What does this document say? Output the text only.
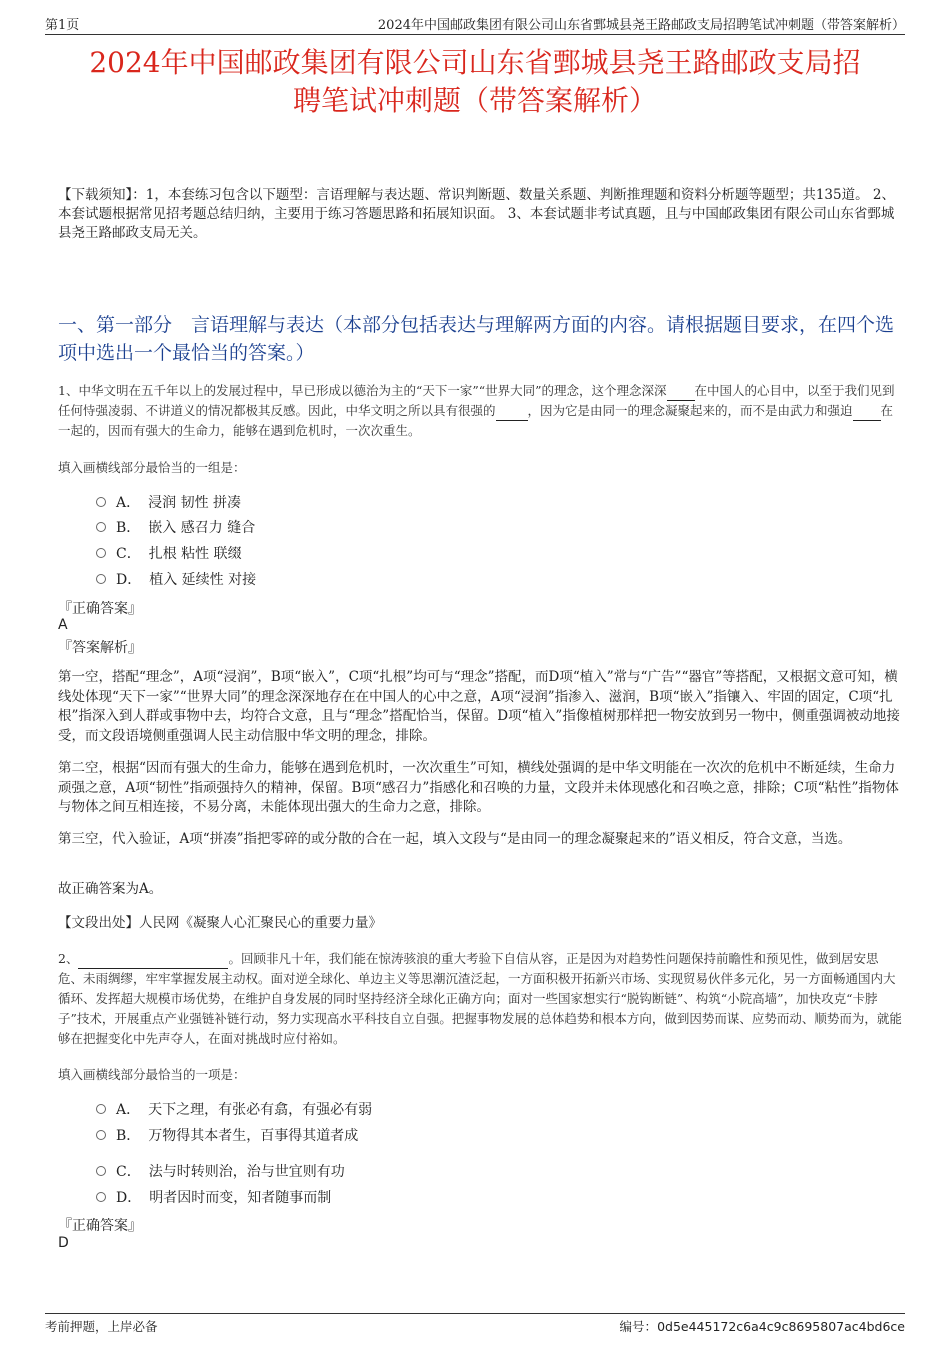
第1页	2024年中国邮政集团有限公司山东省鄄城县尧王路邮政支局招聘笔试冲刺题（带答案解析）
2024年中国邮政集团有限公司山东省鄄城县尧王路邮政支局招
聘笔试冲刺题（带答案解析）
【下载须知】：1，本套练习包含以下题型：言语理解与表达题、常识判断题、数量关系题、判断推理题和资料分析题等题型；共135道。 2、本套试题根据常见招考题总结归纳，主要用于练习答题思路和拓展知识面。 3、本套试题非考试真题，且与中国邮政集团有限公司山东省鄄城县尧王路邮政支局无关。
一、第一部分　言语理解与表达（本部分包括表达与理解两方面的内容。请根据题目要求，在四个选项中选出一个最恰当的答案。）
1、中华文明在五千年以上的发展过程中，早已形成以德治为主的“天下一家”“世界大同”的理念，这个理念深深 在中国人的心目中，以至于我们见到任何恃强凌弱、不讲道义的情况都极其反感。因此，中华文明之所以具有很强的	，因为它是由同一的理念凝聚起来的，而不是由武力和强迫 在一起的，因而有强大的生命力，能够在遇到危机时，一次次重生。
填入画横线部分最恰当的一组是：
A． 浸润 韧性 拼凑
B． 嵌入 感召力 缝合
C． 扎根 粘性 联缀
D． 植入 延续性 对接
『正确答案』
A
『答案解析』
第一空，搭配“理念”，A项“浸润”，B项“嵌入”，C项“扎根”均可与“理念”搭配，而D项“植入”常与“广告”“器官”等搭配，又根据文意可知，横线处体现“天下一家”“世界大同”的理念深深地存在在中国人的心中之意，A项“浸润”指渗入、滋润，B项“嵌入”指镶入、牢固的固定，C项“扎根”指深入到人群或事物中去，均符合文意，且与“理念”搭配恰当，保留。D项“植入”指像植树那样把一物安放到另一物中，侧重强调被动地接受，而文段语境侧重强调人民主动信服中华文明的理念，排除。
第二空，根据“因而有强大的生命力，能够在遇到危机时，一次次重生”可知，横线处强调的是中华文明能在一次次的危机中不断延续，生命力顽强之意，A项“韧性”指顽强持久的精神，保留。B项“感召力”指感化和召唤的力量，文段并未体现感化和召唤之意，排除；C项“粘性”指物体与物体之间互相连接，不易分离，未能体现出强大的生命力之意，排除。
第三空，代入验证，A项“拼凑”指把零碎的或分散的合在一起，填入文段与“是由同一的理念凝聚起来的”语义相反，符合文意，当选。
故正确答案为A。
【文段出处】人民网《凝聚人心汇聚民心的重要力量》
2、	。回顾非凡十年，我们能在惊涛骇浪的重大考验下自信从容，正是因为对趋势性问题保持前瞻性和预见性，做到居安思危、未雨绸缪，牢牢掌握发展主动权。面对逆全球化、单边主义等思潮沉渣泛起，一方面积极开拓新兴市场、实现贸易伙伴多元化，另一方面畅通国内大循环、发挥超大规模市场优势，在维护自身发展的同时坚持经济全球化正确方向；面对一些国家想实行“脱钩断链”、构筑“小院高墙”，加快攻克“卡脖子”技术，开展重点产业强链补链行动，努力实现高水平科技自立自强。把握事物发展的总体趋势和根本方向，做到因势而谋、应势而动、顺势而为，就能够在把握变化中先声夺人，在面对挑战时应付裕如。
填入画横线部分最恰当的一项是：
A． 天下之理，有张必有翕，有强必有弱
B． 万物得其本者生，百事得其道者成
C． 法与时转则治，治与世宜则有功
D． 明者因时而变，知者随事而制
『正确答案』
D
考前押题，上岸必备	编号：0d5e445172c6a4c9c8695807ac4bd6ce
